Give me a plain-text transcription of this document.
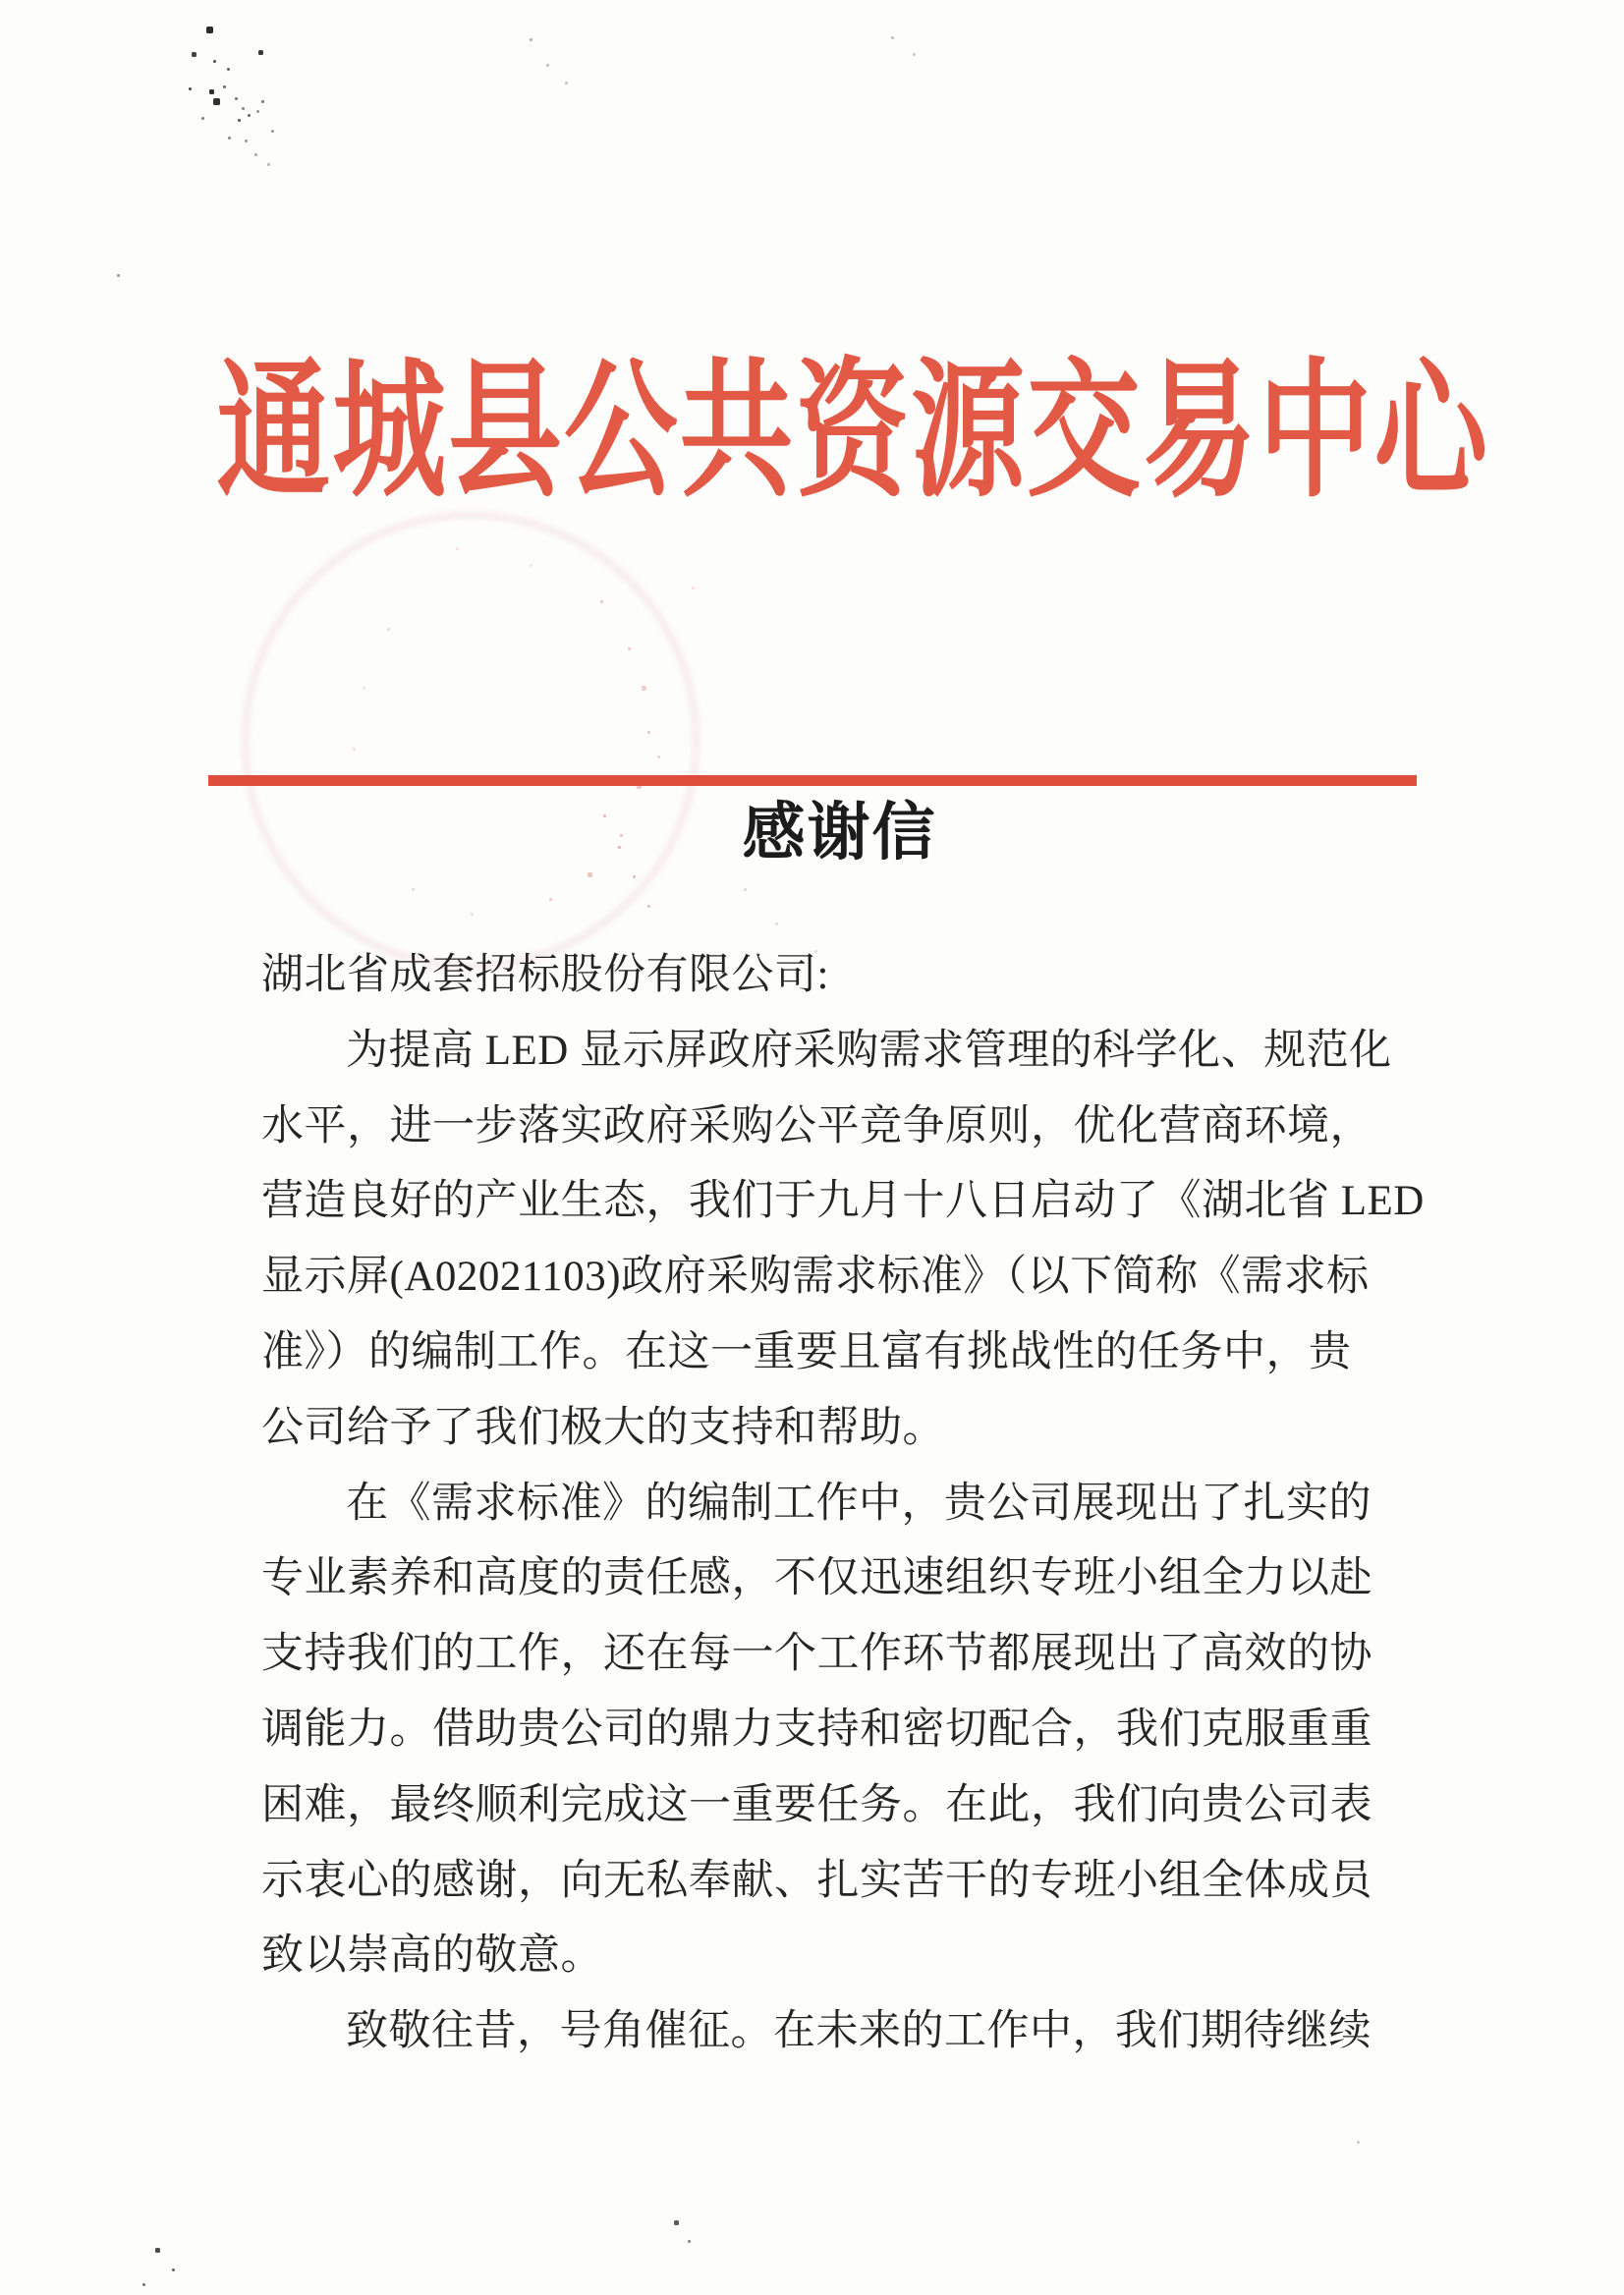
通城县公共资源交易中心
感谢信
湖北省成套招标股份有限公司:
为提高 LED 显示屏政府采购需求管理的科学化、规范化
水平，进一步落实政府采购公平竞争原则，优化营商环境，
营造良好的产业生态，我们于九月十八日启动了《湖北省 LED
显示屏(A02021103)政府采购需求标准》（以下简称《需求标
准》）的编制工作。在这一重要且富有挑战性的任务中，贵
公司给予了我们极大的支持和帮助。
在《需求标准》的编制工作中，贵公司展现出了扎实的
专业素养和高度的责任感，不仅迅速组织专班小组全力以赴
支持我们的工作，还在每一个工作环节都展现出了高效的协
调能力。借助贵公司的鼎力支持和密切配合，我们克服重重
困难，最终顺利完成这一重要任务。在此，我们向贵公司表
示衷心的感谢，向无私奉献、扎实苦干的专班小组全体成员
致以崇高的敬意。
致敬往昔，号角催征。在未来的工作中，我们期待继续
